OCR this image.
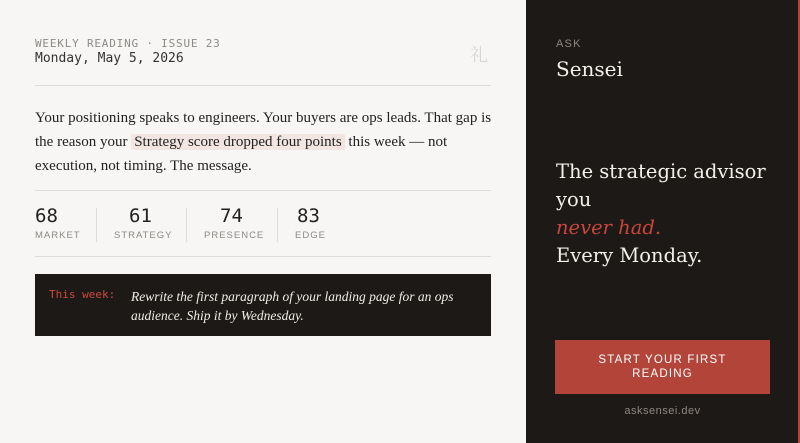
WEEKLY READING · ISSUE 23
Monday, May 5, 2026	礼

Your positioning speaks to engineers. Your buyers are ops leads. That gap is the reason your Strategy score dropped four points this week — not execution, not timing. The message.

68
MARKET
61
STRATEGY
74
PRESENCE
83
EDGE
This week: Rewrite the first paragraph of your landing page for an ops audience. Ship it by Wednesday.
ASK
Sensei
The strategic advisor you
never had.
Every Monday.
START YOUR FIRST READING
asksensei.dev
